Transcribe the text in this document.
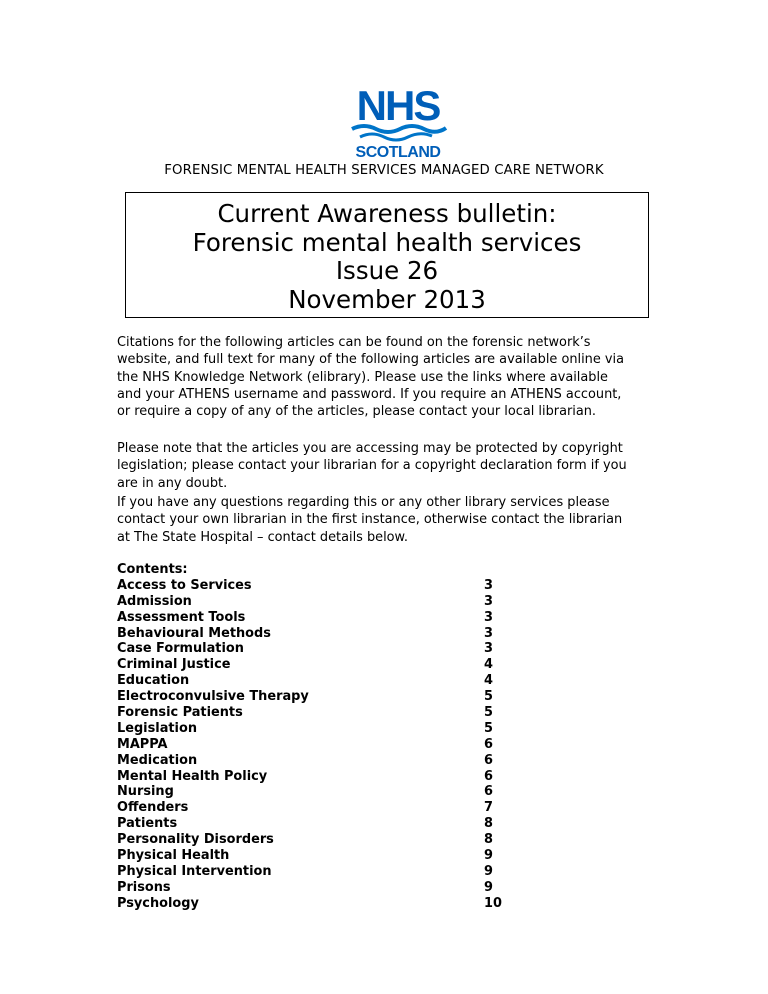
NHS
SCOTLAND
FORENSIC MENTAL HEALTH SERVICES MANAGED CARE NETWORK
Current Awareness bulletin:
Forensic mental health services
Issue 26
November 2013
Citations for the following articles can be found on the forensic network’s
website, and full text for many of the following articles are available online via
the NHS Knowledge Network (elibrary). Please use the links where available
and your ATHENS username and password. If you require an ATHENS account,
or require a copy of any of the articles, please contact your local librarian.
Please note that the articles you are accessing may be protected by copyright
legislation; please contact your librarian for a copyright declaration form if you
are in any doubt.
If you have any questions regarding this or any other library services please
contact your own librarian in the first instance, otherwise contact the librarian
at The State Hospital – contact details below.
Contents:
Access to Services	3
Admission	3
Assessment Tools	3
Behavioural Methods	3
Case Formulation	3
Criminal Justice	4
Education	4
Electroconvulsive Therapy	5
Forensic Patients	5
Legislation	5
MAPPA	6
Medication	6
Mental Health Policy	6
Nursing	6
Offenders	7
Patients	8
Personality Disorders	8
Physical Health	9
Physical Intervention	9
Prisons	9
Psychology	10
